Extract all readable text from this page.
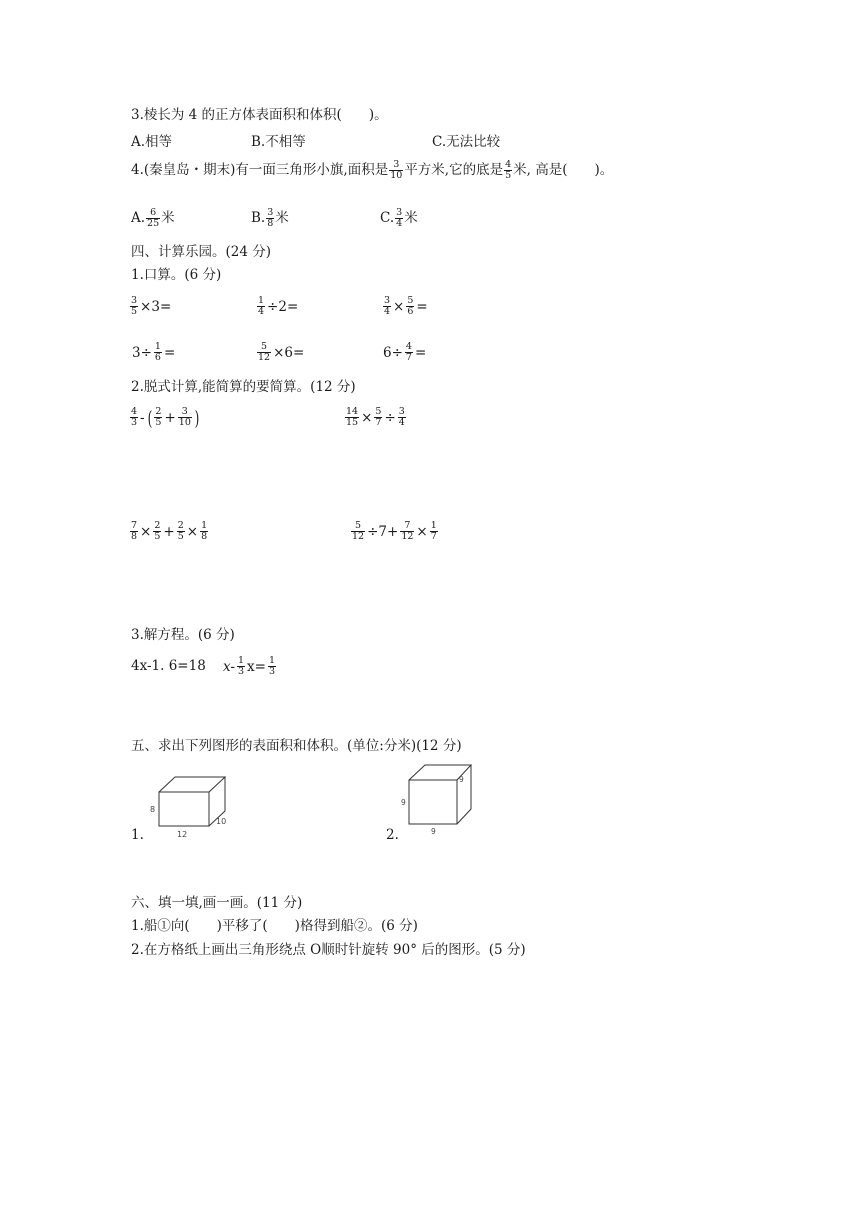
3.棱长为 4 的正方体表面积和体积(　　)。
A.相等	B.不相等	C.无法比较
4.(秦皇岛・期末)有一面三角形小旗,面积是 $\frac{3}{10}$ 平方米,它的底是 $\frac{4}{5}$ 米, 高是(　　)。
A. $\frac{6}{25}$ 米	B. $\frac{3}{8}$ 米	C. $\frac{3}{4}$ 米
四、计算乐园。(24 分)
1.口算。(6 分)
$\frac{3}{5} \times 3=$	$\frac{1}{4} \div 2=$	$\frac{3}{4} \times \frac{5}{6}$ =
$3\div \frac{1}{6}$ =	$\frac{5}{12} \times 6=$	$6\div \frac{4}{7}$ =
2.脱式计算,能简算的要简算。(12 分)
$\frac{4}{3}$ - ( $\frac{2}{5} + \frac{3}{10}$ )	$\frac{14}{15} \times \frac{5}{7} \div \frac{3}{4}$
$\frac{7}{8} \times \frac{2}{5} + \frac{2}{5} \times \frac{1}{8}$	$\frac{5}{12} \div 7+ \frac{7}{12} \times \frac{1}{7}$
3.解方程。(6 分)
4x-1. 6=18 $x- \frac{1}{3} x= \frac{1}{3}$
五、求出下列图形的表面积和体积。(单位:分米)(12 分)
1.
8
12
10
2.
9
9
9
六、填一填,画一画。(11 分)
1.船①向(　　)平移了(　　)格得到船②。(6 分)
2.在方格纸上画出三角形绕点 O顺时针旋转 90° 后的图形。(5 分)
